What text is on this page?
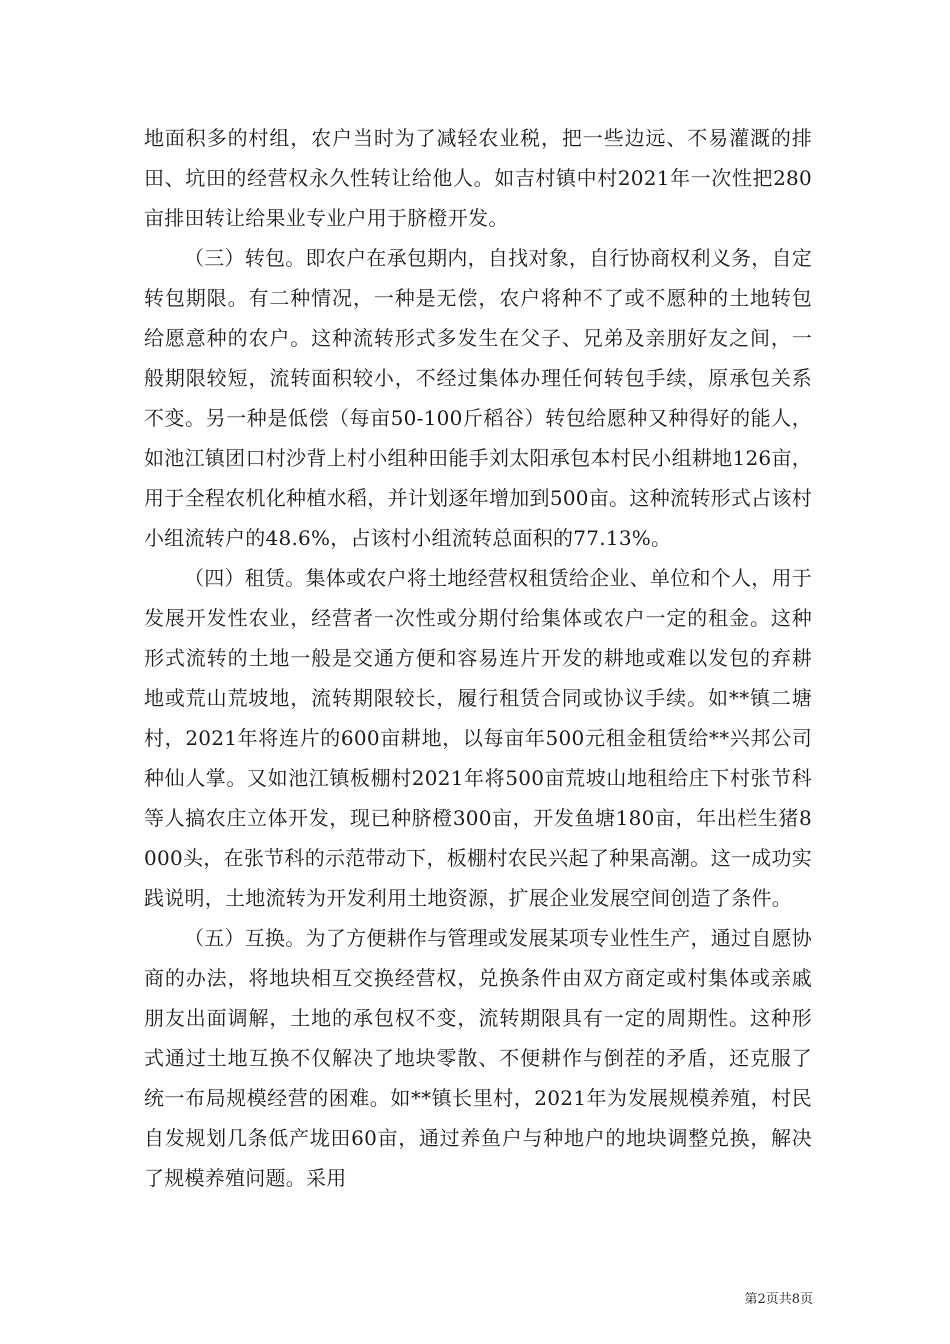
地面积多的村组，农户当时为了减轻农业税，把一些边远、不易灌溉的排田、坑田的经营权永久性转让给他人。如吉村镇中村2021年一次性把280亩排田转让给果业专业户用于脐橙开发。

（三）转包。即农户在承包期内，自找对象，自行协商权利义务，自定转包期限。有二种情况，一种是无偿，农户将种不了或不愿种的土地转包给愿意种的农户。这种流转形式多发生在父子、兄弟及亲朋好友之间，一般期限较短，流转面积较小，不经过集体办理任何转包手续，原承包关系不变。另一种是低偿（每亩50-100斤稻谷）转包给愿种又种得好的能人，如池江镇团口村沙背上村小组种田能手刘太阳承包本村民小组耕地126亩，用于全程农机化种植水稻，并计划逐年增加到500亩。这种流转形式占该村小组流转户的48.6%，占该村小组流转总面积的77.13%。

（四）租赁。集体或农户将土地经营权租赁给企业、单位和个人，用于发展开发性农业，经营者一次性或分期付给集体或农户一定的租金。这种形式流转的土地一般是交通方便和容易连片开发的耕地或难以发包的弃耕地或荒山荒坡地，流转期限较长，履行租赁合同或协议手续。如**镇二塘村，2021年将连片的600亩耕地，以每亩年500元租金租赁给**兴邦公司种仙人掌。又如池江镇板棚村2021年将500亩荒坡山地租给庄下村张节科等人搞农庄立体开发，现已种脐橙300亩，开发鱼塘180亩，年出栏生猪8000头，在张节科的示范带动下，板棚村农民兴起了种果高潮。这一成功实践说明，土地流转为开发利用土地资源，扩展企业发展空间创造了条件。

（五）互换。为了方便耕作与管理或发展某项专业性生产，通过自愿协商的办法，将地块相互交换经营权，兑换条件由双方商定或村集体或亲戚朋友出面调解，土地的承包权不变，流转期限具有一定的周期性。这种形式通过土地互换不仅解决了地块零散、不便耕作与倒茬的矛盾，还克服了统一布局规模经营的困难。如**镇长里村，2021年为发展规模养殖，村民自发规划几条低产垅田60亩，通过养鱼户与种地户的地块调整兑换，解决了规模养殖问题。采用

第2页共8页
